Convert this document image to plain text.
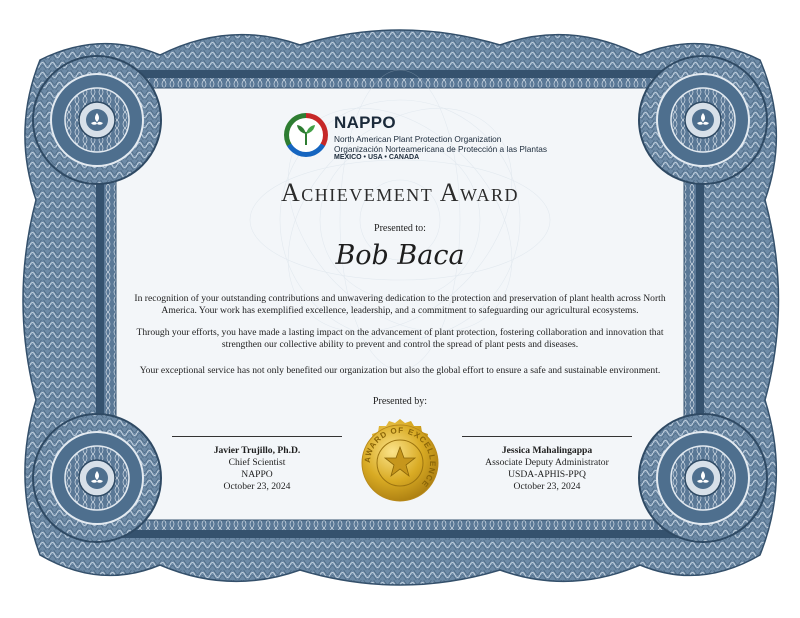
NAPPO
North American Plant Protection Organization
Organización Norteamericana de Protección a las Plantas
MEXICO • USA • CANADA
Achievement Award
Presented to:
Bob Baca
In recognition of your outstanding contributions and unwavering dedication to the protection and preservation of plant health across North America. Your work has exemplified excellence, leadership, and a commitment to safeguarding our agricultural ecosystems.
Through your efforts, you have made a lasting impact on the advancement of plant protection, fostering collaboration and innovation that strengthen our collective ability to prevent and control the spread of plant pests and diseases.
Your exceptional service has not only benefited our organization but also the global effort to ensure a safe and sustainable environment.
Presented by:
Javier Trujillo, Ph.D.
Chief Scientist
NAPPO
October 23, 2024
Jessica Mahalingappa
Associate Deputy Administrator
USDA-APHIS-PPQ
October 23, 2024
AWARD OF EXCELLENCE
